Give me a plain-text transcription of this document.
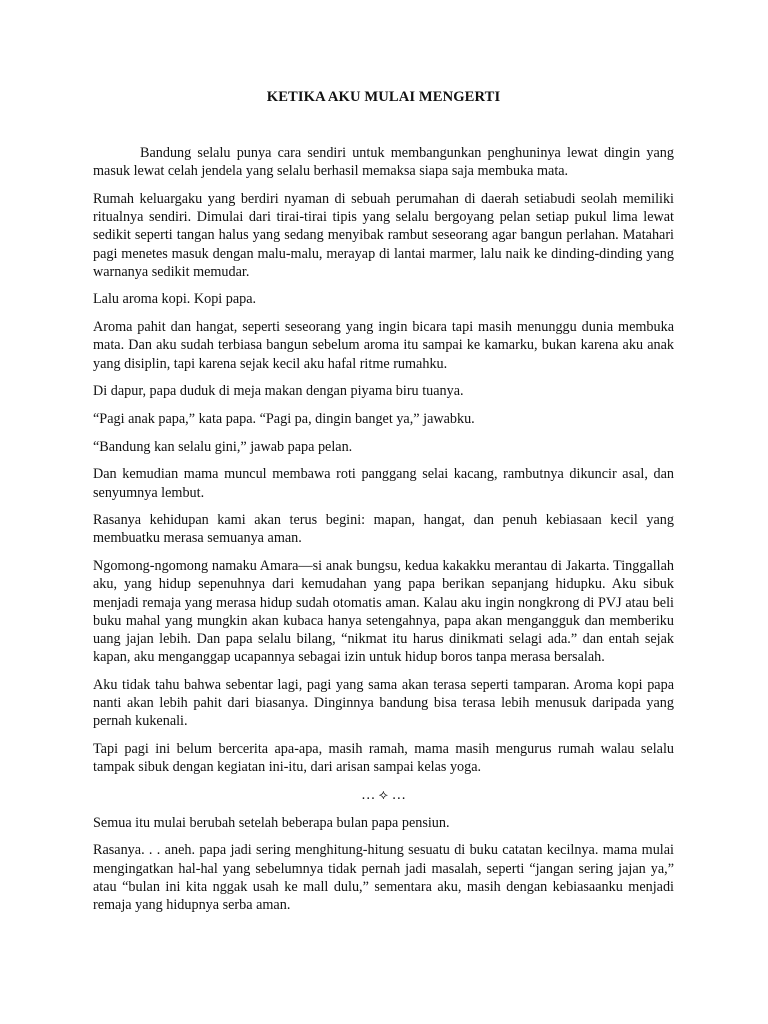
KETIKA AKU MULAI MENGERTI

Bandung selalu punya cara sendiri untuk membangunkan penghuninya lewat dingin yang masuk lewat celah jendela yang selalu berhasil memaksa siapa saja membuka mata.

Rumah keluargaku yang berdiri nyaman di sebuah perumahan di daerah setiabudi seolah memiliki ritualnya sendiri. Dimulai dari tirai-tirai tipis yang selalu bergoyang pelan setiap pukul lima lewat sedikit seperti tangan halus yang sedang menyibak rambut seseorang agar bangun perlahan. Matahari pagi menetes masuk dengan malu-malu, merayap di lantai marmer, lalu naik ke dinding-dinding yang warnanya sedikit memudar.

Lalu aroma kopi. Kopi papa.

Aroma pahit dan hangat, seperti seseorang yang ingin bicara tapi masih menunggu dunia membuka mata. Dan aku sudah terbiasa bangun sebelum aroma itu sampai ke kamarku, bukan karena aku anak yang disiplin, tapi karena sejak kecil aku hafal ritme rumahku.

Di dapur, papa duduk di meja makan dengan piyama biru tuanya.

“Pagi anak papa,” kata papa. “Pagi pa, dingin banget ya,” jawabku.

“Bandung kan selalu gini,” jawab papa pelan.

Dan kemudian mama muncul membawa roti panggang selai kacang, rambutnya dikuncir asal, dan senyumnya lembut.

Rasanya kehidupan kami akan terus begini: mapan, hangat, dan penuh kebiasaan kecil yang membuatku merasa semuanya aman.

Ngomong-ngomong namaku Amara—si anak bungsu, kedua kakakku merantau di Jakarta. Tinggallah aku, yang hidup sepenuhnya dari kemudahan yang papa berikan sepanjang hidupku. Aku sibuk menjadi remaja yang merasa hidup sudah otomatis aman. Kalau aku ingin nongkrong di PVJ atau beli buku mahal yang mungkin akan kubaca hanya setengahnya, papa akan mengangguk dan memberiku uang jajan lebih. Dan papa selalu bilang, “nikmat itu harus dinikmati selagi ada.” dan entah sejak kapan, aku menganggap ucapannya sebagai izin untuk hidup boros tanpa merasa bersalah.

Aku tidak tahu bahwa sebentar lagi, pagi yang sama akan terasa seperti tamparan. Aroma kopi papa nanti akan lebih pahit dari biasanya. Dinginnya bandung bisa terasa lebih menusuk daripada yang pernah kukenali.

Tapi pagi ini belum bercerita apa-apa, masih ramah, mama masih mengurus rumah walau selalu tampak sibuk dengan kegiatan ini-itu, dari arisan sampai kelas yoga.

… ⟡ …

Semua itu mulai berubah setelah beberapa bulan papa pensiun.

Rasanya. . . aneh. papa jadi sering menghitung-hitung sesuatu di buku catatan kecilnya. mama mulai mengingatkan hal-hal yang sebelumnya tidak pernah jadi masalah, seperti “jangan sering jajan ya,” atau “bulan ini kita nggak usah ke mall dulu,” sementara aku, masih dengan kebiasaanku menjadi remaja yang hidupnya serba aman.
